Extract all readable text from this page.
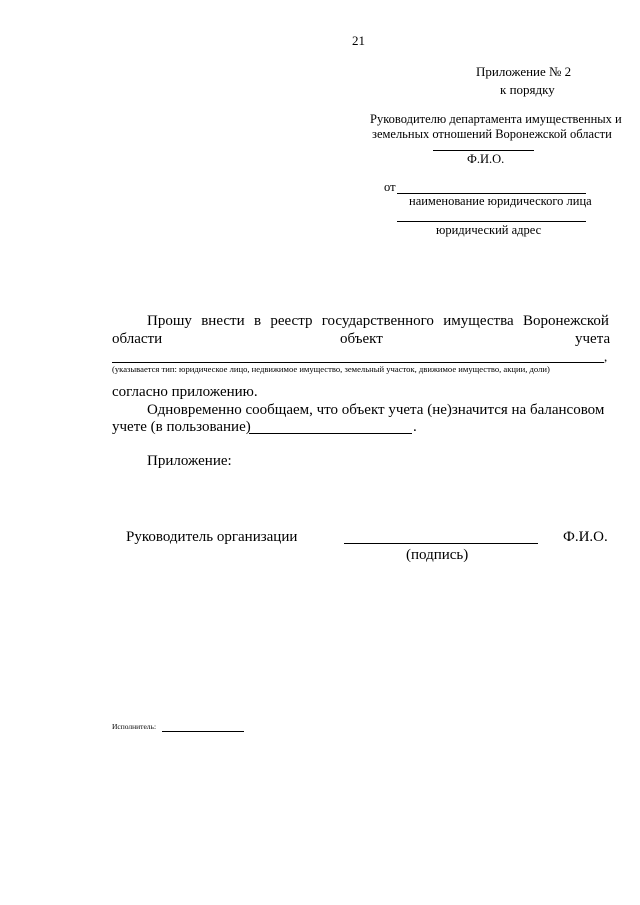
21
Приложение № 2
к порядку
Руководителю департамента имущественных и
земельных отношений Воронежской области
Ф.И.О.
от
наименование юридического лица
юридический адрес
Прошу внести в реестр государственного имущества Воронежской
области	объект	учета
,
(указывается тип: юридическое лицо, недвижимое имущество, земельный участок, движимое имущество, акции, доли)
согласно приложению.
Одновременно сообщаем, что объект учета (не)значится на балансовом
учете (в пользование)	.
Приложение:
Руководитель организации	Ф.И.О.
(подпись)
Исполнитель:
